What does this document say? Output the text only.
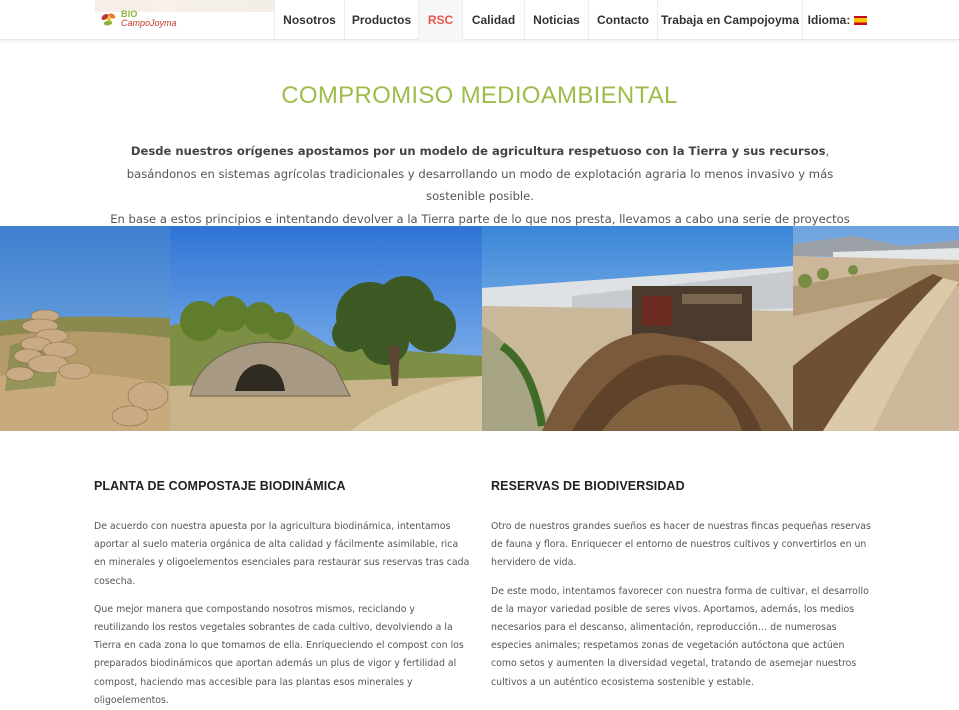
BIO
CampoJoyma	Nosotros	Productos	RSC	Calidad	Noticias	Contacto Trabaja en Campojoyma Idioma:
COMPROMISO MEDIOAMBIENTAL
Desde nuestros orígenes apostamos por un modelo de agricultura respetuoso con la Tierra y sus recursos, basándonos en sistemas agrícolas tradicionales y desarrollando un modo de explotación agraria lo menos invasivo y más sostenible posible.
En base a estos principios e intentando devolver a la Tierra parte de lo que nos presta, llevamos a cabo una serie de proyectos
PLANTA DE COMPOSTAJE BIODINÁMICA

De acuerdo con nuestra apuesta por la agricultura biodinámica, intentamos aportar al suelo materia orgánica de alta calidad y fácilmente asimilable, rica en minerales y oligoelementos esenciales para restaurar sus reservas tras cada cosecha.

Que mejor manera que compostando nosotros mismos, reciclando y reutilizando los restos vegetales sobrantes de cada cultivo, devolviendo a la Tierra en cada zona lo que tomamos de ella. Enriqueciendo el compost con los preparados biodinámicos que aportan además un plus de vigor y fertilidad al compost, haciendo mas accesible para las plantas esos minerales y oligoelementos.

RESERVAS DE BIODIVERSIDAD

Otro de nuestros grandes sueños es hacer de nuestras fincas pequeñas reservas de fauna y flora. Enriquecer el entorno de nuestros cultivos y convertirlos en un hervidero de vida.

De este modo, intentamos favorecer con nuestra forma de cultivar, el desarrollo de la mayor variedad posible de seres vivos. Aportamos, además, los medios necesarios para el descanso, alimentación, reproducción… de numerosas especies animales; respetamos zonas de vegetación autóctona que actúen como setos y aumenten la diversidad vegetal, tratando de asemejar nuestros cultivos a un auténtico ecosistema sostenible y estable.
